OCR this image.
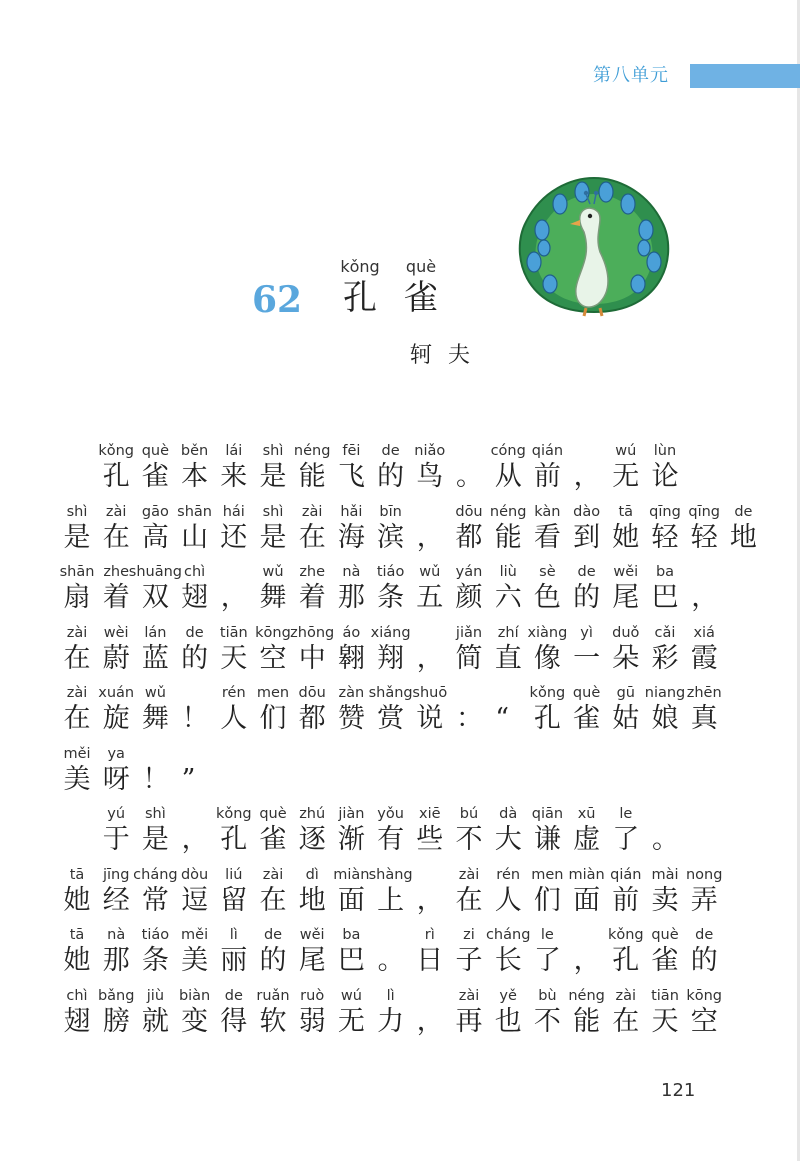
第八单元
62
kǒng
孔
què
雀
轲夫
kǒng
孔
què
雀
běn
本
lái
来
shì
是
néng
能
fēi
飞
de
的
niǎo
鸟 。
cóng
从
qián
前 ，
wú
无
lùn
论
shì
是
zài
在
gāo
高
shān
山
hái
还
shì
是
zài
在
hǎi
海
bīn
滨 ，
dōu
都
néng
能
kàn
看
dào
到
tā
她
qīng
轻
qīng
轻
de
地
shān
扇
zhe
着
shuāng
双
chì
翅 ，
wǔ
舞
zhe
着
nà
那
tiáo
条
wǔ
五
yán
颜
liù
六
sè
色
de
的
wěi
尾
ba
巴 ，
zài
在
wèi
蔚
lán
蓝
de
的
tiān
天
kōng
空
zhōng
中
áo
翱
xiáng
翔 ，
jiǎn
简
zhí
直
xiàng
像
yì
一
duǒ
朵
cǎi
彩
xiá
霞
zài
在
xuán
旋
wǔ
舞 ！
rén
人
men
们
dōu
都
zàn
赞
shǎng
赏
shuō
说 ： “
kǒng
孔
què
雀
gū
姑
niang
娘
zhēn
真
měi
美
ya
呀 ！ ”
yú
于
shì
是 ，
kǒng
孔
què
雀
zhú
逐
jiàn
渐
yǒu
有
xiē
些
bú
不
dà
大
qiān
谦
xū
虚
le
了 。
tā
她
jīng
经
cháng
常
dòu
逗
liú
留
zài
在
dì
地
miàn
面
shàng
上 ，
zài
在
rén
人
men
们
miàn
面
qián
前
mài
卖
nong
弄
tā
她
nà
那
tiáo
条
měi
美
lì
丽
de
的
wěi
尾
ba
巴 。
rì
日
zi
子
cháng
长
le
了 ，
kǒng
孔
què
雀
de
的
chì
翅
bǎng
膀
jiù
就
biàn
变
de
得
ruǎn
软
ruò
弱
wú
无
lì
力 ，
zài
再
yě
也
bù
不
néng
能
zài
在
tiān
天
kōng
空
121
